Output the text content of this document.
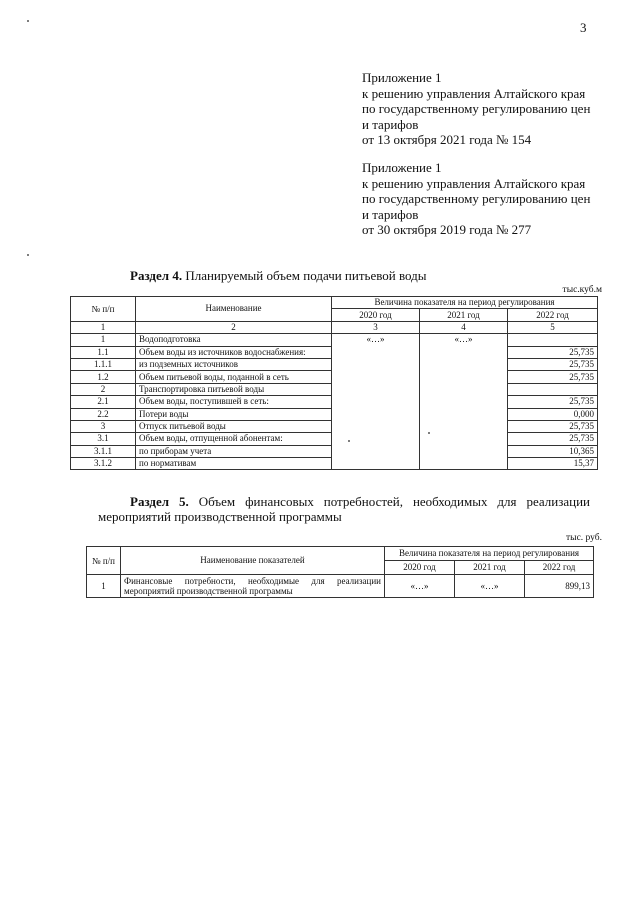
3
Приложение 1
к решению управления Алтайского края
по государственному регулированию цен
и тарифов
от 13 октября 2021 года № 154
Приложение 1
к решению управления Алтайского края
по государственному регулированию цен
и тарифов
от 30 октября 2019 года № 277
Раздел 4. Планируемый объем подачи питьевой воды
тыс.куб.м
№ п/п	Наименование	Величина показателя на период регулирования		
		2020 год	2021 год	2022 год
1	2	3	4	5
1	Водоподготовка	«…»	«…»	
1.1	Объем воды из источников водоснабжения:			25,735
1.1.1	из подземных источников			25,735
1.2	Объем питьевой воды, поданной в сеть			25,735
2	Транспортировка питьевой воды			
2.1	Объем воды, поступившей в сеть:			25,735
2.2	Потери воды			0,000
3	Отпуск питьевой воды			25,735
3.1	Объем воды, отпущенной абонентам:			25,735
3.1.1	по приборам учета			10,365
3.1.2	по нормативам			15,37
Раздел 5. Объем финансовых потребностей, необходимых для реализации мероприятий производственной программы
тыс. руб.
№ п/п	Наименование показателей	Величина показателя на период регулирования		
		2020 год	2021 год	2022 год
1	Финансовые потребности, необходимые для реализации мероприятий производственной программы	«…»	«…»	899,13
